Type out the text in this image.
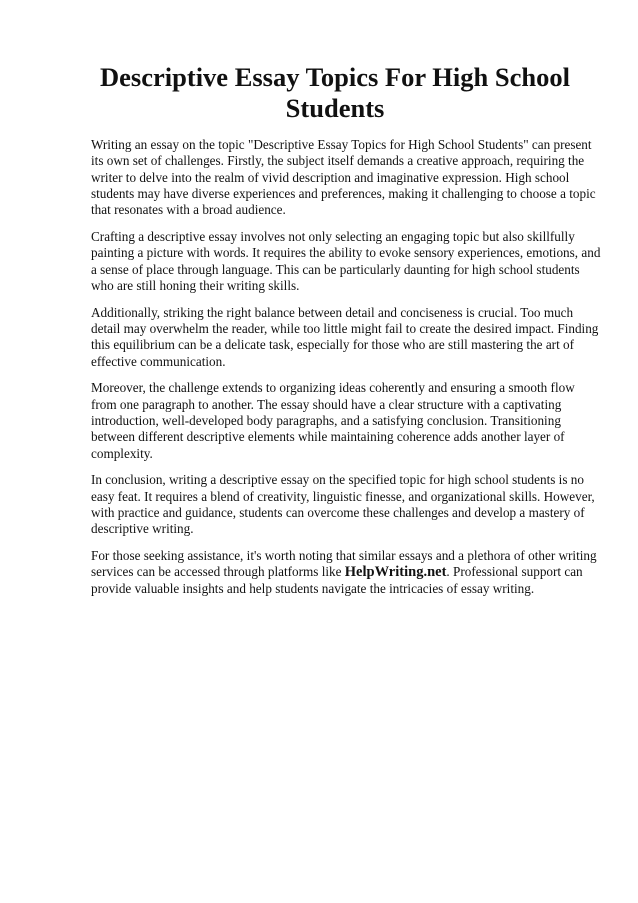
Descriptive Essay Topics For High School Students

Writing an essay on the topic "Descriptive Essay Topics for High School Students" can present its own set of challenges. Firstly, the subject itself demands a creative approach, requiring the writer to delve into the realm of vivid description and imaginative expression. High school students may have diverse experiences and preferences, making it challenging to choose a topic that resonates with a broad audience.

Crafting a descriptive essay involves not only selecting an engaging topic but also skillfully painting a picture with words. It requires the ability to evoke sensory experiences, emotions, and a sense of place through language. This can be particularly daunting for high school students who are still honing their writing skills.

Additionally, striking the right balance between detail and conciseness is crucial. Too much detail may overwhelm the reader, while too little might fail to create the desired impact. Finding this equilibrium can be a delicate task, especially for those who are still mastering the art of effective communication.

Moreover, the challenge extends to organizing ideas coherently and ensuring a smooth flow from one paragraph to another. The essay should have a clear structure with a captivating introduction, well-developed body paragraphs, and a satisfying conclusion. Transitioning between different descriptive elements while maintaining coherence adds another layer of complexity.

In conclusion, writing a descriptive essay on the specified topic for high school students is no easy feat. It requires a blend of creativity, linguistic finesse, and organizational skills. However, with practice and guidance, students can overcome these challenges and develop a mastery of descriptive writing.

For those seeking assistance, it's worth noting that similar essays and a plethora of other writing services can be accessed through platforms like HelpWriting.net. Professional support can provide valuable insights and help students navigate the intricacies of essay writing.
